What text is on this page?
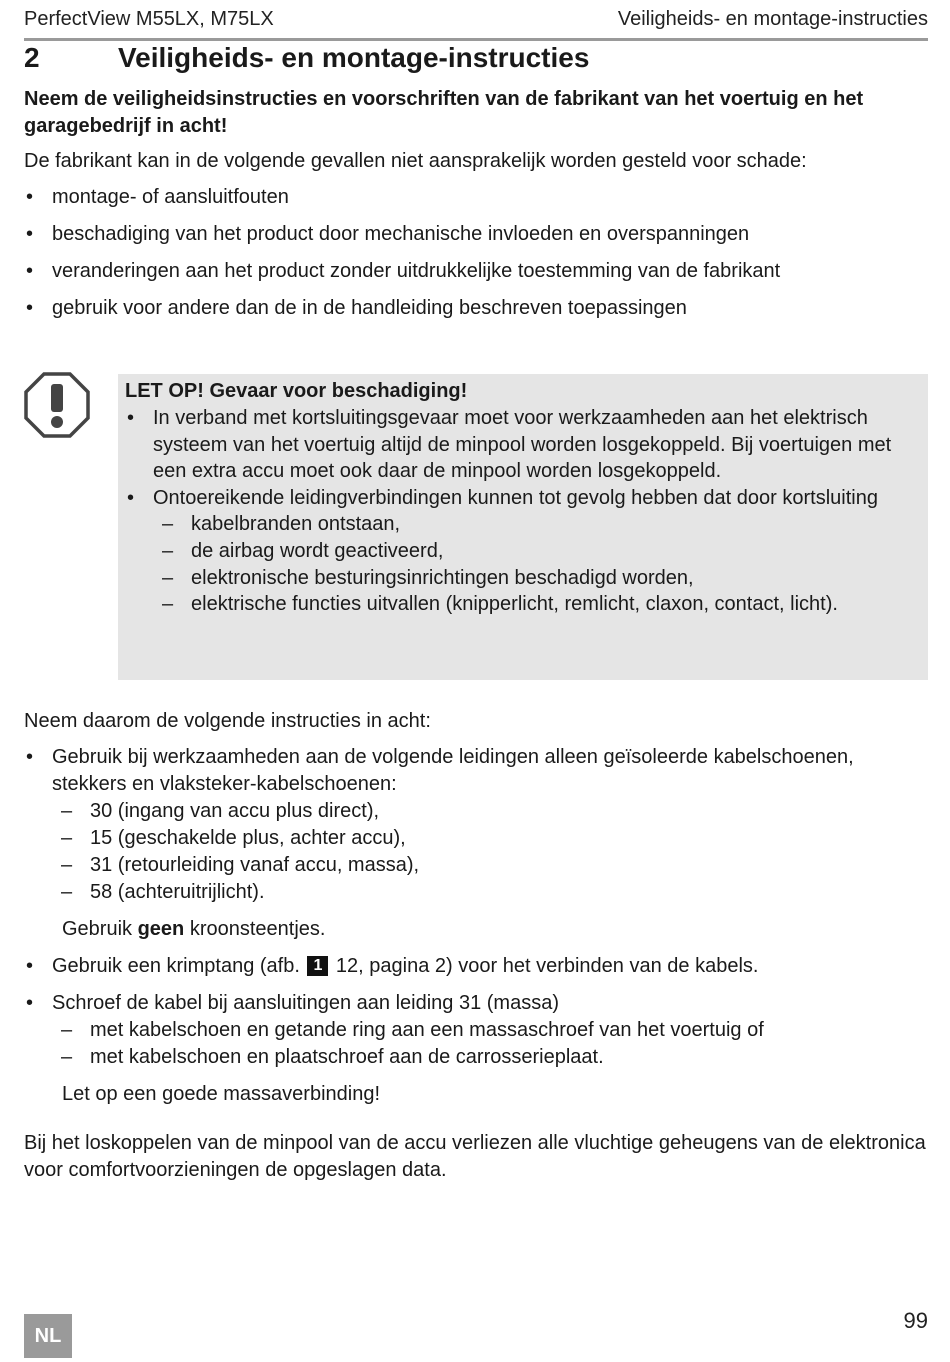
PerfectView M55LX, M75LX	Veiligheids- en montage-instructies
2	Veiligheids- en montage-instructies
Neem de veiligheidsinstructies en voorschriften van de fabrikant van het voertuig en het garagebedrijf in acht!
De fabrikant kan in de volgende gevallen niet aansprakelijk worden gesteld voor schade:
• montage- of aansluitfouten
• beschadiging van het product door mechanische invloeden en overspanningen
• veranderingen aan het product zonder uitdrukkelijke toestemming van de fabrikant
• gebruik voor andere dan de in de handleiding beschreven toepassingen
LET OP! Gevaar voor beschadiging!
• In verband met kortsluitingsgevaar moet voor werkzaamheden aan het elektrisch systeem van het voertuig altijd de minpool worden losgekoppeld. Bij voertuigen met een extra accu moet ook daar de minpool worden losgekoppeld.
• Ontoereikende leidingverbindingen kunnen tot gevolg hebben dat door kortsluiting
– kabelbranden ontstaan,
– de airbag wordt geactiveerd,
– elektronische besturingsinrichtingen beschadigd worden,
– elektrische functies uitvallen (knipperlicht, remlicht, claxon, contact, licht).
Neem daarom de volgende instructies in acht:
• Gebruik bij werkzaamheden aan de volgende leidingen alleen geïsoleerde kabelschoenen, stekkers en vlaksteker-kabelschoenen:
– 30 (ingang van accu plus direct),
– 15 (geschakelde plus, achter accu),
– 31 (retourleiding vanaf accu, massa),
– 58 (achteruitrijlicht).
Gebruik geen kroonsteentjes.
• Gebruik een krimptang (afb. 1 12, pagina 2) voor het verbinden van de kabels.
• Schroef de kabel bij aansluitingen aan leiding 31 (massa)
– met kabelschoen en getande ring aan een massaschroef van het voertuig of
– met kabelschoen en plaatschroef aan de carrosserieplaat.
Let op een goede massaverbinding!
Bij het loskoppelen van de minpool van de accu verliezen alle vluchtige geheugens van de elektronica voor comfortvoorzieningen de opgeslagen data.
NL
99
